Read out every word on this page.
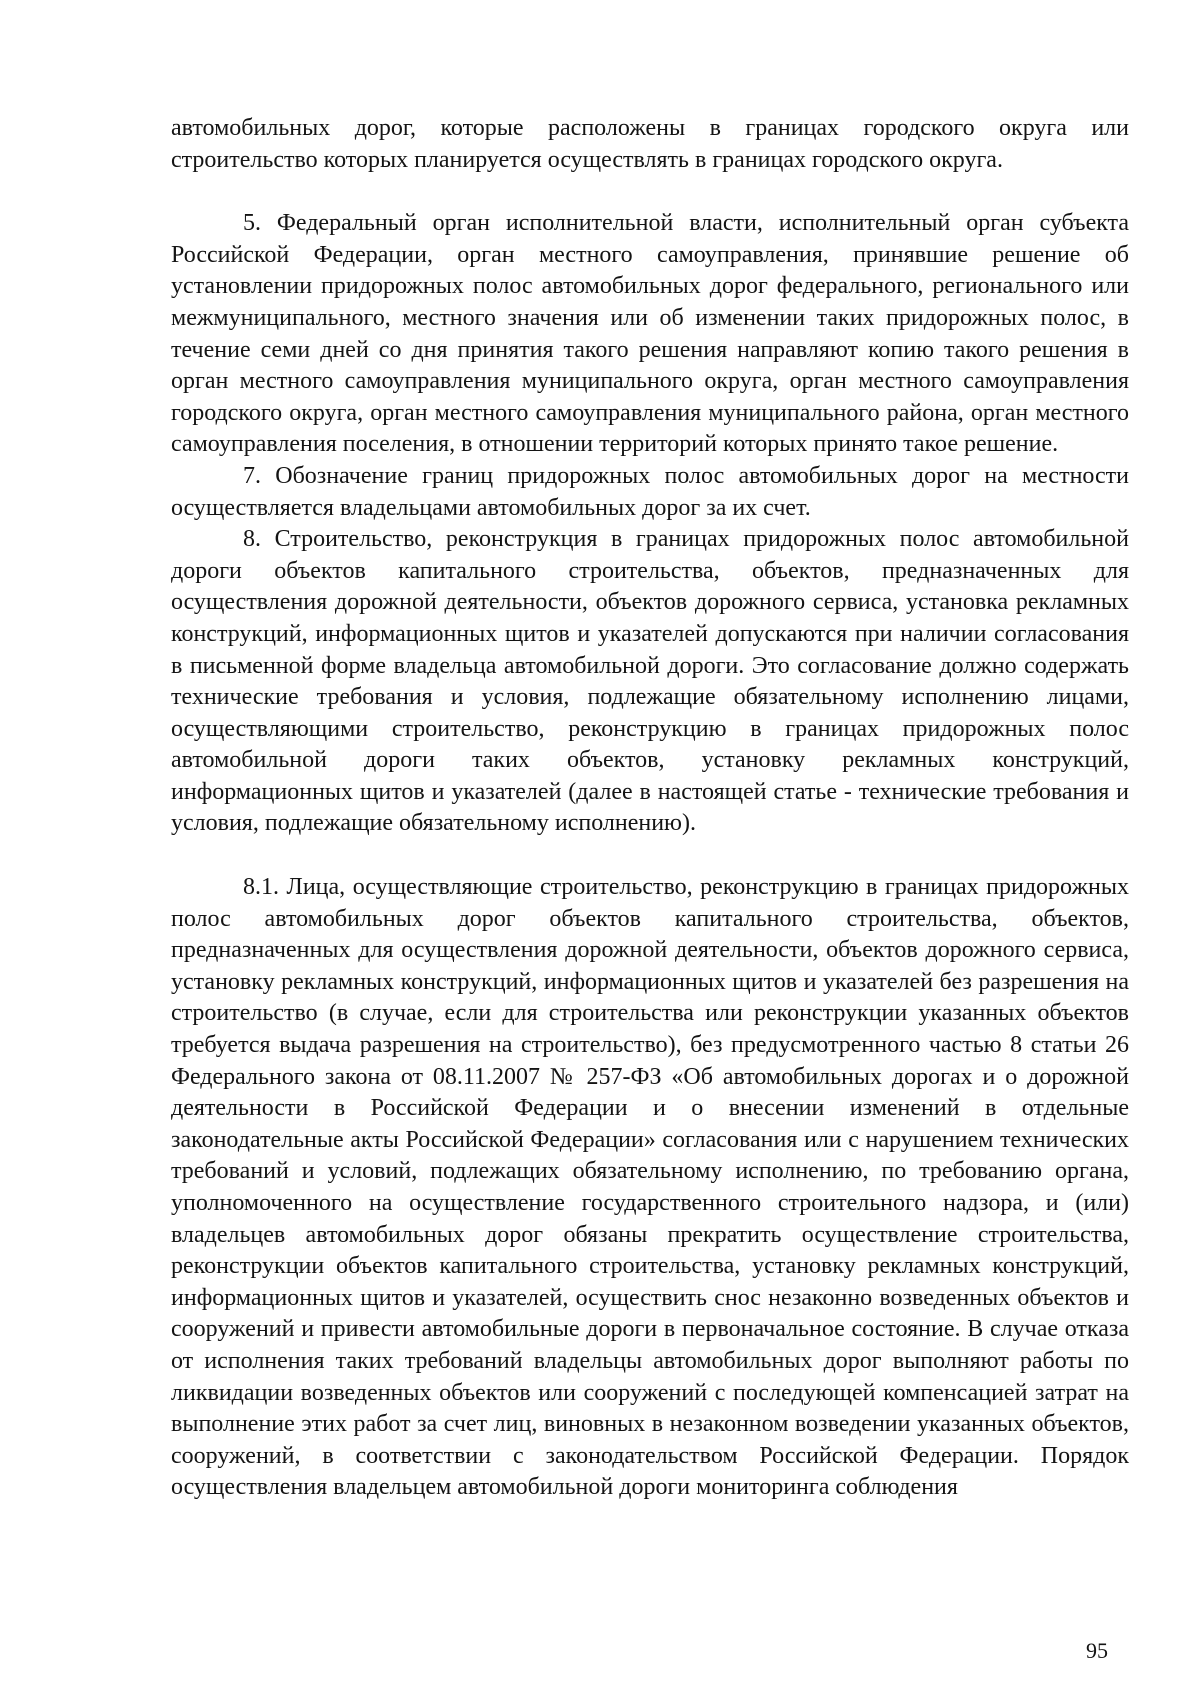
автомобильных дорог, которые расположены в границах городского округа или строительство которых планируется осуществлять в границах городского округа.

5. Федеральный орган исполнительной власти, исполнительный орган субъекта Российской Федерации, орган местного самоуправления, принявшие решение об установлении придорожных полос автомобильных дорог федерального, регионального или межмуниципального, местного значения или об изменении таких придорожных полос, в течение семи дней со дня принятия такого решения направляют копию такого решения в орган местного самоуправления муниципального округа, орган местного самоуправления городского округа, орган местного самоуправления муниципального района, орган местного самоуправления поселения, в отношении территорий которых принято такое решение.

7. Обозначение границ придорожных полос автомобильных дорог на местности осуществляется владельцами автомобильных дорог за их счет.

8. Строительство, реконструкция в границах придорожных полос автомобильной дороги объектов капитального строительства, объектов, предназначенных для осуществления дорожной деятельности, объектов дорожного сервиса, установка рекламных конструкций, информационных щитов и указателей допускаются при наличии согласования в письменной форме владельца автомобильной дороги. Это согласование должно содержать технические требования и условия, подлежащие обязательному исполнению лицами, осуществляющими строительство, реконструкцию в границах придорожных полос автомобильной дороги таких объектов, установку рекламных конструкций, информационных щитов и указателей (далее в настоящей статье - технические требования и условия, подлежащие обязательному исполнению).

8.1. Лица, осуществляющие строительство, реконструкцию в границах придорожных полос автомобильных дорог объектов капитального строительства, объектов, предназначенных для осуществления дорожной деятельности, объектов дорожного сервиса, установку рекламных конструкций, информационных щитов и указателей без разрешения на строительство (в случае, если для строительства или реконструкции указанных объектов требуется выдача разрешения на строительство), без предусмотренного частью 8 статьи 26 Федерального закона от 08.11.2007 № 257-ФЗ «Об автомобильных дорогах и о дорожной деятельности в Российской Федерации и о внесении изменений в отдельные законодательные акты Российской Федерации» согласования или с нарушением технических требований и условий, подлежащих обязательному исполнению, по требованию органа, уполномоченного на осуществление государственного строительного надзора, и (или) владельцев автомобильных дорог обязаны прекратить осуществление строительства, реконструкции объектов капитального строительства, установку рекламных конструкций, информационных щитов и указателей, осуществить снос незаконно возведенных объектов и сооружений и привести автомобильные дороги в первоначальное состояние. В случае отказа от исполнения таких требований владельцы автомобильных дорог выполняют работы по ликвидации возведенных объектов или сооружений с последующей компенсацией затрат на выполнение этих работ за счет лиц, виновных в незаконном возведении указанных объектов, сооружений, в соответствии с законодательством Российской Федерации. Порядок осуществления владельцем автомобильной дороги мониторинга соблюдения

95
